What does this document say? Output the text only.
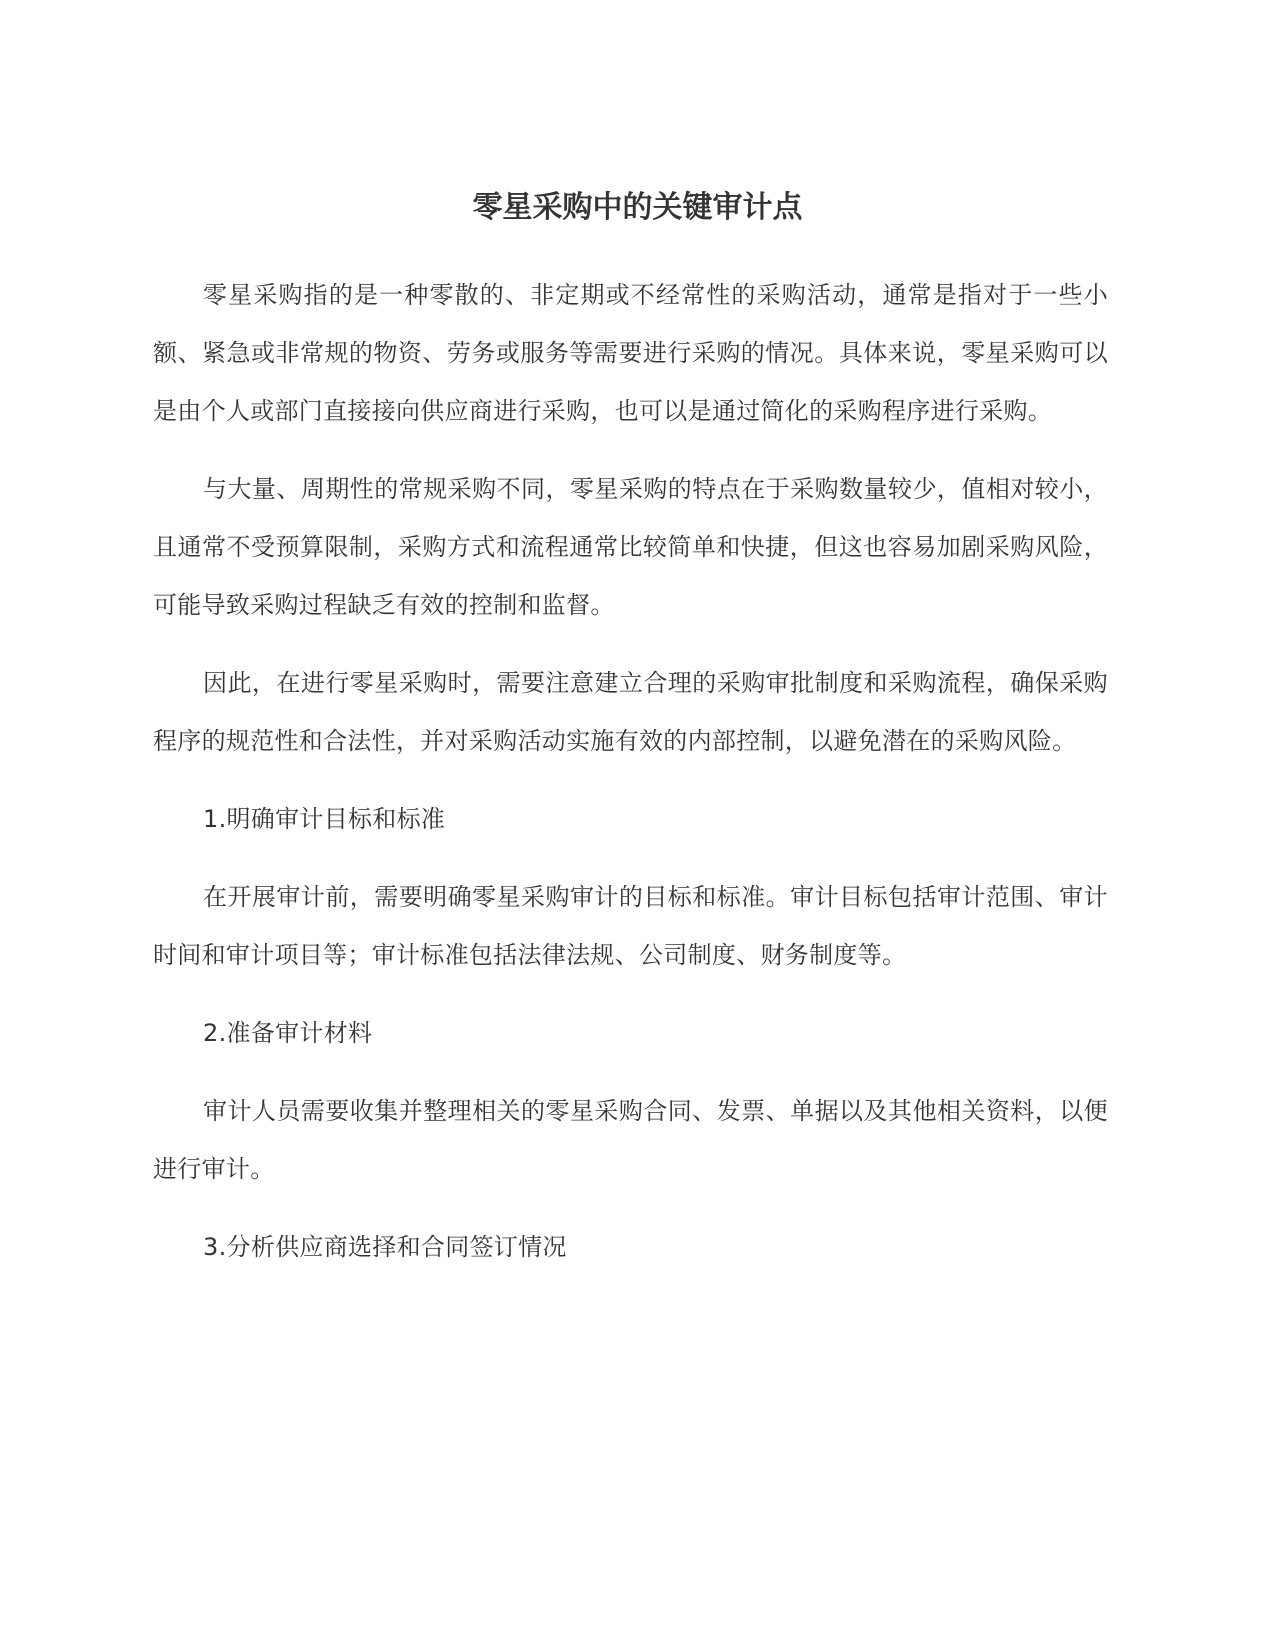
零星采购中的关键审计点

零星采购指的是一种零散的、非定期或不经常性的采购活动，通常是指对于一些小额、紧急或非常规的物资、劳务或服务等需要进行采购的情况。具体来说，零星采购可以是由个人或部门直接接向供应商进行采购，也可以是通过简化的采购程序进行采购。

与大量、周期性的常规采购不同，零星采购的特点在于采购数量较少，值相对较小，且通常不受预算限制，采购方式和流程通常比较简单和快捷，但这也容易加剧采购风险，可能导致采购过程缺乏有效的控制和监督。

因此，在进行零星采购时，需要注意建立合理的采购审批制度和采购流程，确保采购程序的规范性和合法性，并对采购活动实施有效的内部控制，以避免潜在的采购风险。

1.明确审计目标和标准

在开展审计前，需要明确零星采购审计的目标和标准。审计目标包括审计范围、审计时间和审计项目等；审计标准包括法律法规、公司制度、财务制度等。

2.准备审计材料

审计人员需要收集并整理相关的零星采购合同、发票、单据以及其他相关资料，以便进行审计。

3.分析供应商选择和合同签订情况
